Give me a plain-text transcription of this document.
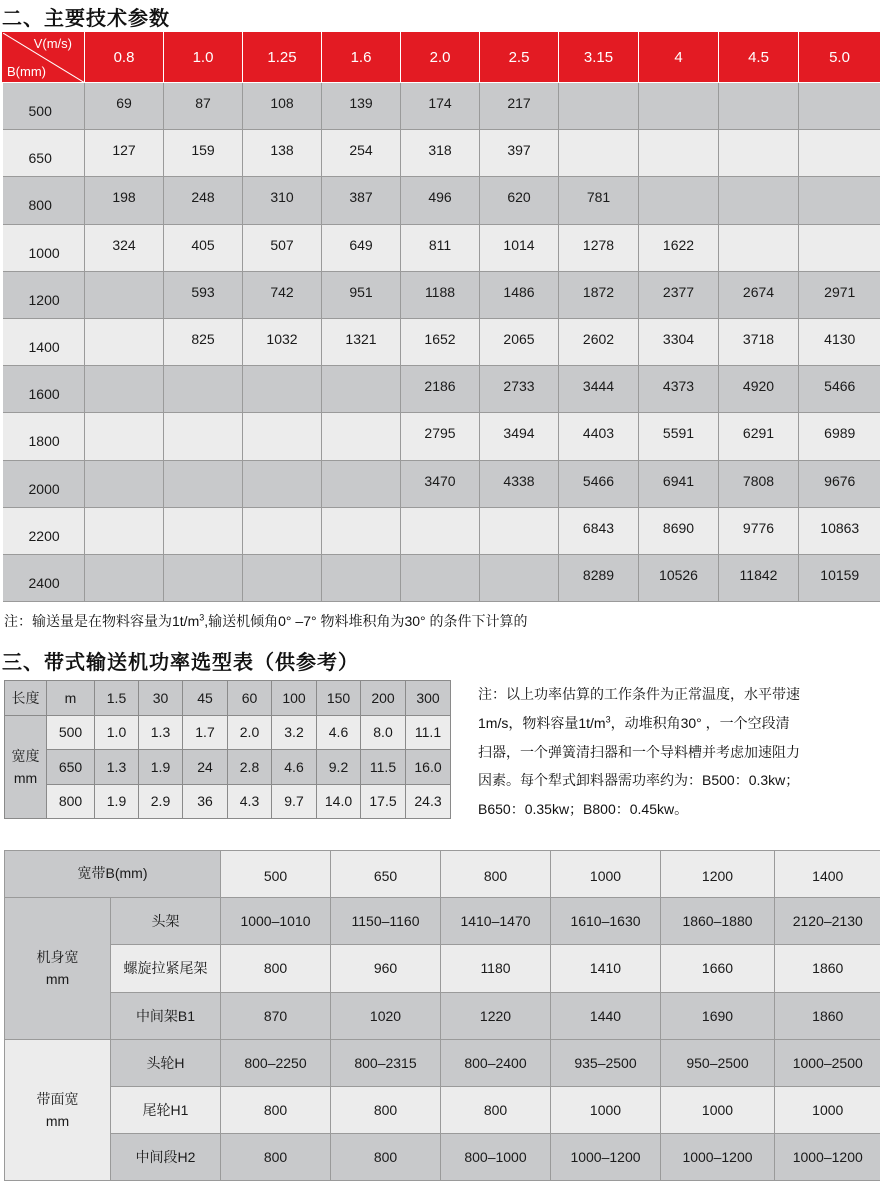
二、主要技术参数
V(m/s)
B(mm)	0.8	1.0	1.25	1.6	2.0	2.5	3.15	4	4.5	5.0
500	69	87	108	139	174	217				
650	127	159	138	254	318	397				
800	198	248	310	387	496	620	781			
1000	324	405	507	649	811	1014	1278	1622		
1200		593	742	951	1188	1486	1872	2377	2674	2971
1400		825	1032	1321	1652	2065	2602	3304	3718	4130
1600					2186	2733	3444	4373	4920	5466
1800					2795	3494	4403	5591	6291	6989
2000					3470	4338	5466	6941	7808	9676
2200							6843	8690	9776	10863
2400							8289	10526	11842	10159
注：输送量是在物料容量为$1t/m^3$,输送机倾角0° –7° 物料堆积角为30° 的条件下计算的
三、带式输送机功率选型表（供参考）
长度	m	1.5	30	45	60	100	150	200	300

宽度
mm	500	1.0	1.3	1.7	2.0	3.2	4.6	8.0	11.1
	650	1.3	1.9	24	2.8	4.6	9.2	11.5	16.0
	800	1.9	2.9	36	4.3	9.7	14.0	17.5	24.3
注：以上功率估算的工作条件为正常温度，水平带速
1m/s，物料容量$1t/m^3$，动堆积角30° ，一个空段清
扫器，一个弹簧清扫器和一个导料槽并考虑加速阻力
因素。每个犁式卸料器需功率约为：B500：0.3kw；
B650：0.35kw；B800：0.45kw。
宽带B(mm)		500	650	800	1000	1200	1400

机身宽
mm	头架	1000–1010	1150–1160	1410–1470	1610–1630	1860–1880	2120–2130
	螺旋拉紧尾架	800	960	1180	1410	1660	1860
	中间架B1	870	1020	1220	1440	1690	1860

带面宽
mm	头轮H	800–2250	800–2315	800–2400	935–2500	950–2500	1000–2500
	尾轮H1	800	800	800	1000	1000	1000
	中间段H2	800	800	800–1000	1000–1200	1000–1200	1000–1200
